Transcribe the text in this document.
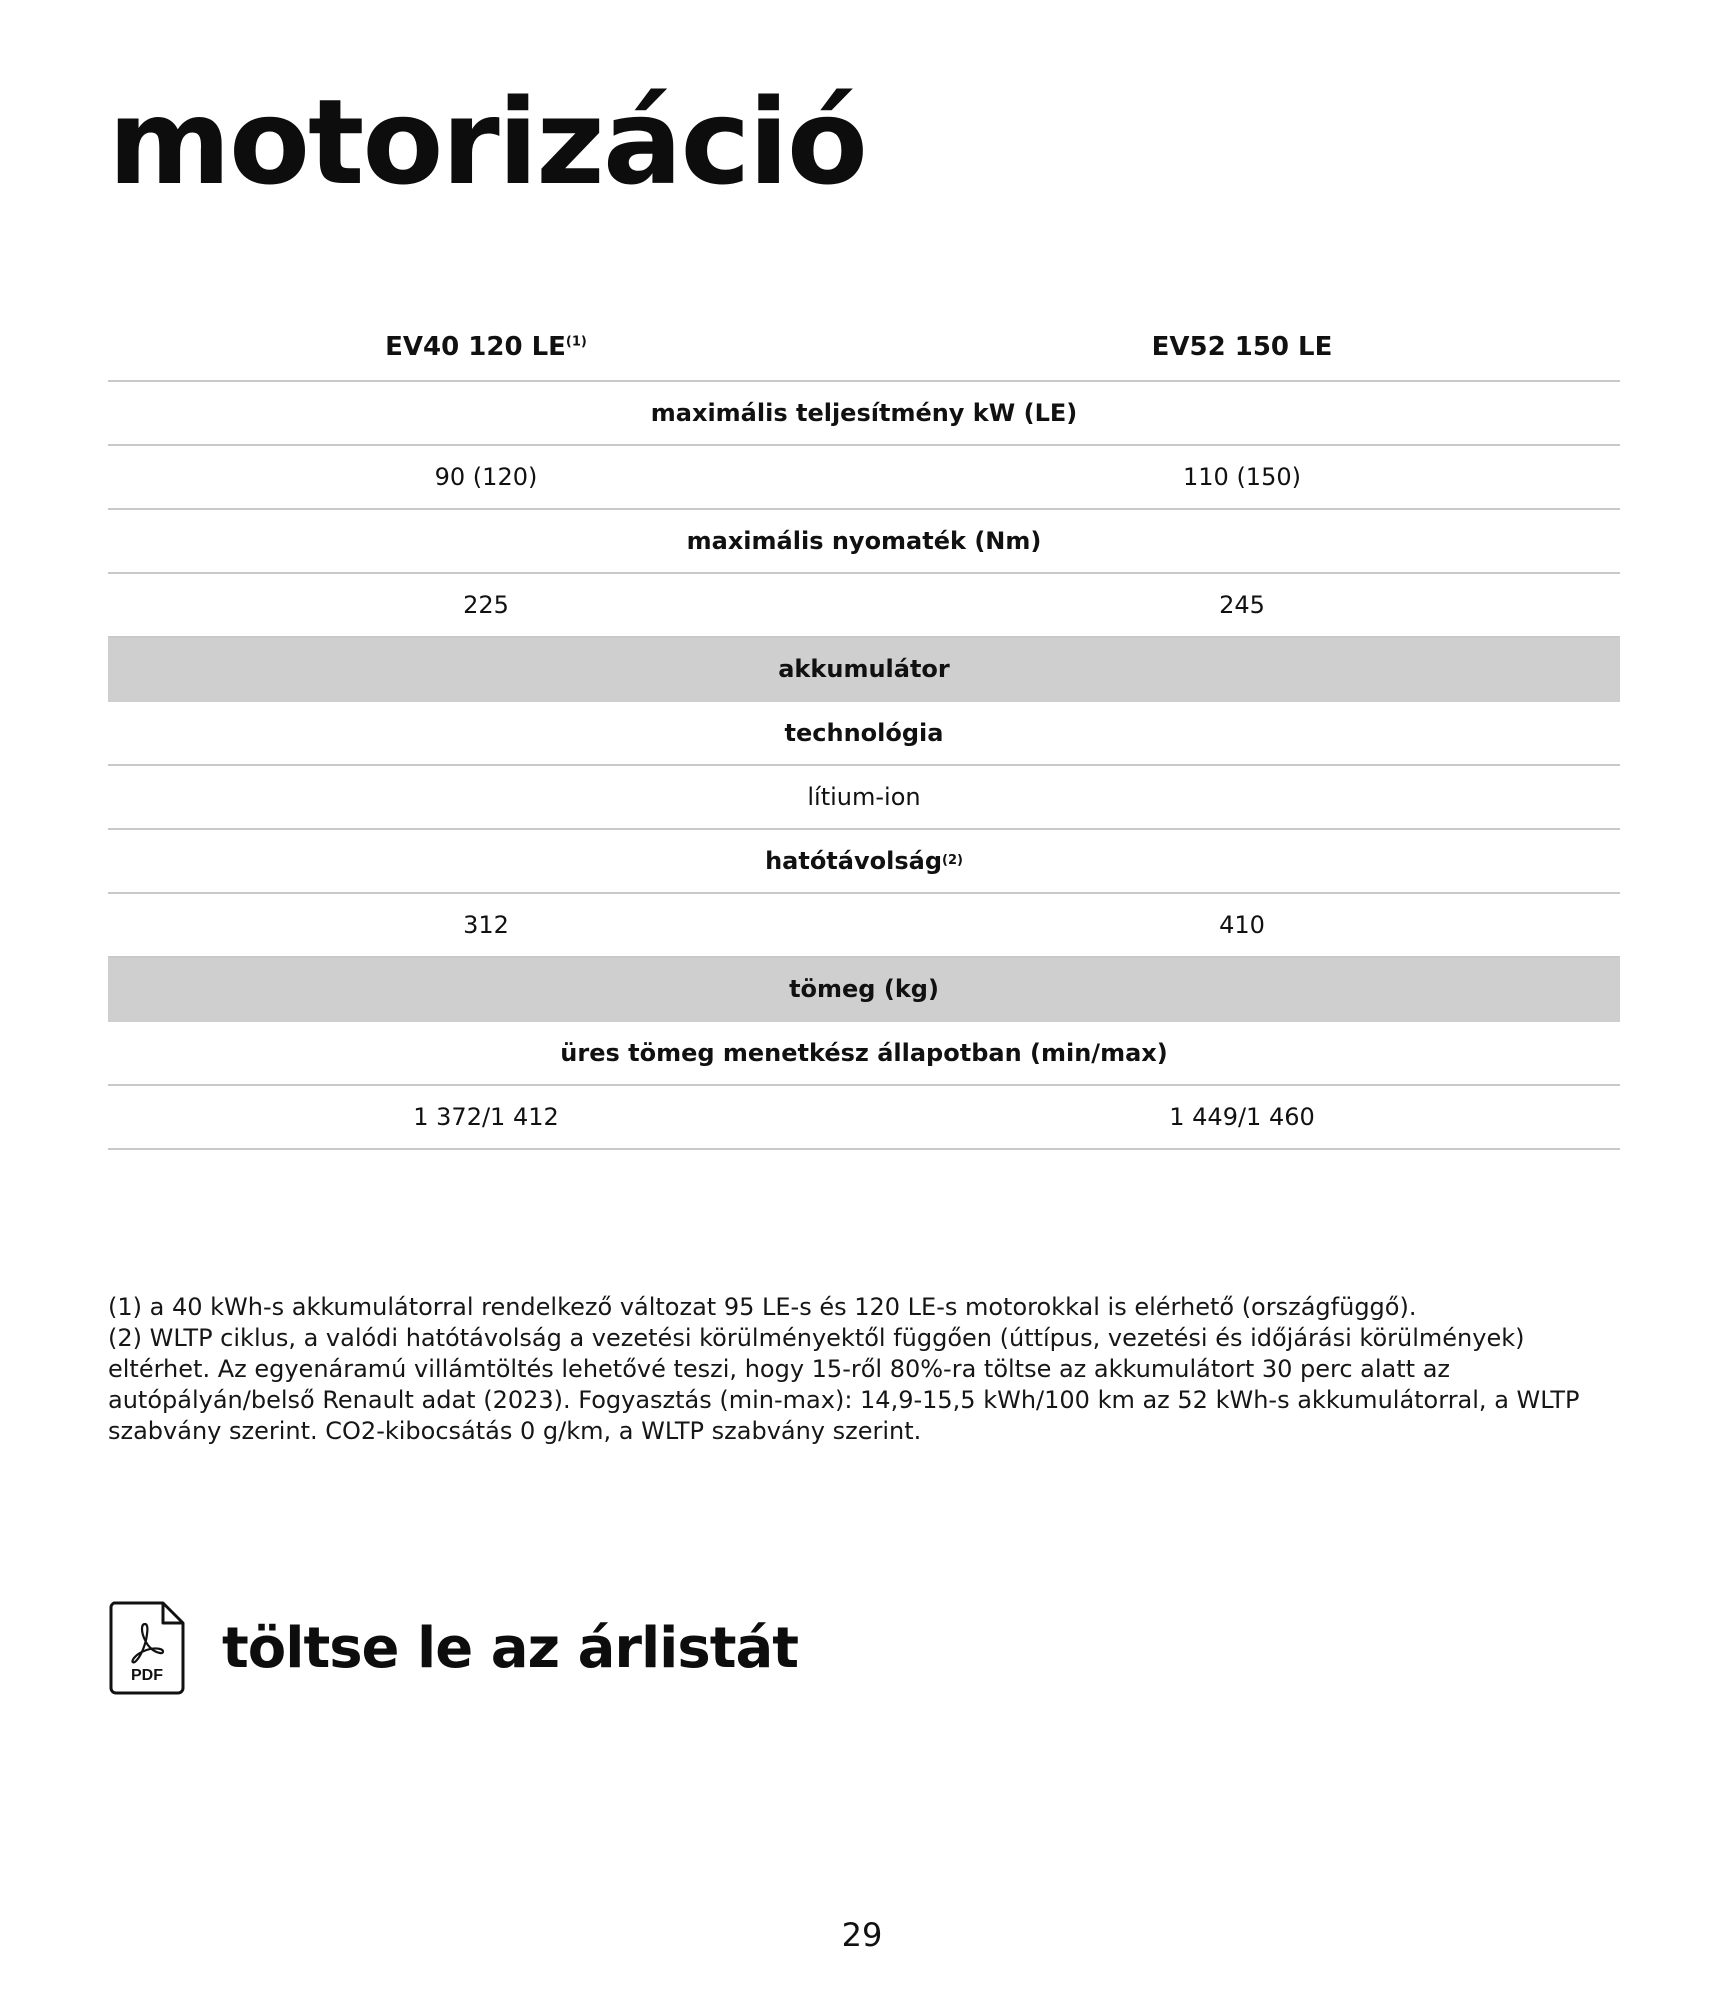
motorizáció
EV40 120 LE$^{(1)}$	EV52 150 LE
maximális teljesítmény kW (LE)
90 (120)	110 (150)
maximális nyomaték (Nm)
225	245
akkumulátor
technológia
lítium-ion
hatótávolság (2)
312	410
tömeg (kg)
üres tömeg menetkész állapotban (min/max)
1 372/1 412	1 449/1 460

(1) a 40 kWh-s akkumulátorral rendelkező változat 95 LE-s és 120 LE-s motorokkal is elérhető (országfüggő).

(2) WLTP ciklus, a valódi hatótávolság a vezetési körülményektől függően (úttípus, vezetési és időjárási körülmények) eltérhet. Az egyenáramú villámtöltés lehetővé teszi, hogy 15-ről 80%-ra töltse az akkumulátort 30 perc alatt az autópályán/belső Renault adat (2023). Fogyasztás (min-max): 14,9-15,5 kWh/100 km az 52 kWh-s akkumulátorral, a WLTP szabvány szerint. CO2-kibocsátás 0 g/km, a WLTP szabvány szerint.

PDF töltse le az árlistát
29
